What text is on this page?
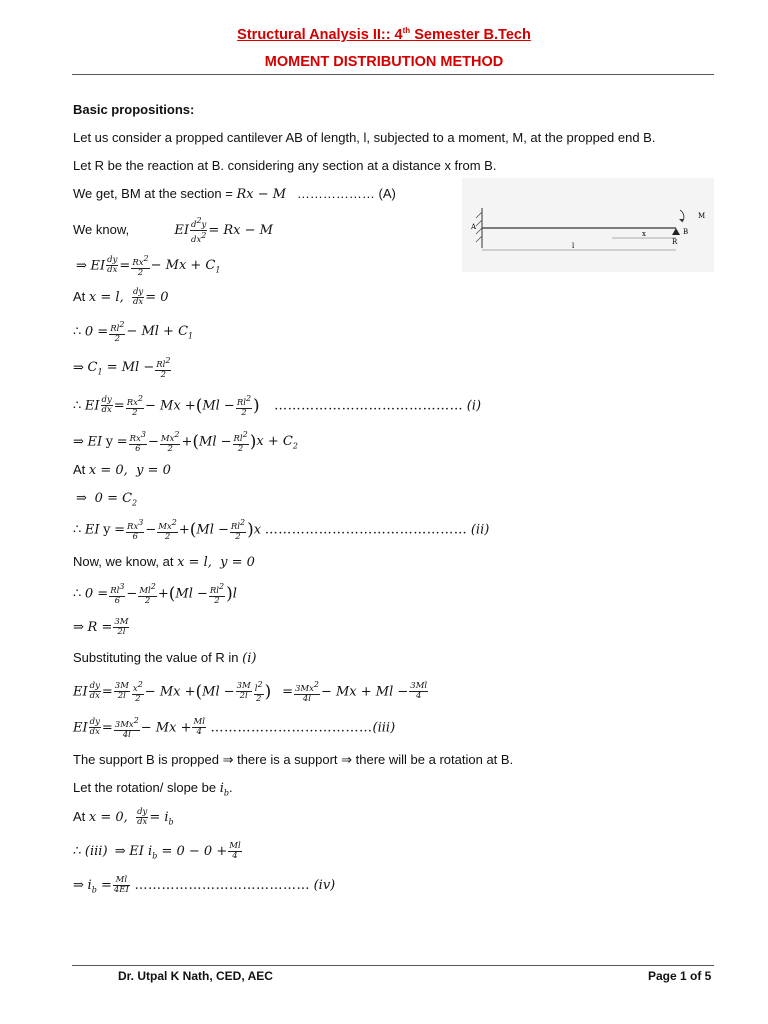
Structural Analysis II:: 4th Semester B.Tech
MOMENT DISTRIBUTION METHOD
Basic propositions:
Let us consider a propped cantilever AB of length, l, subjected to a moment, M, at the propped end B.
Let R be the reaction at B. considering any section at a distance x from B.
We get, BM at the section = Rx − M ……………… (A)
We know,	EI $\frac{d^2y}{dx^2} = Rx - M$
⇒ EI $\frac{dy}{dx} = \frac{Rx^2}{2} - Mx + C_1$
At x = l, $\frac{dy}{dx} = 0$
∴ $0 = \frac{Rl^2}{2} - Ml + C_1$
⇒ $C_1 = Ml - \frac{Rl^2}{2}$
∴ EI $\frac{dy}{dx} = \frac{Rx^2}{2} - Mx +(Ml - \frac{Rl^2}{2}$ ) …………………………………… (i)
⇒ EI $y = \frac{Rx^3}{6} - \frac{Mx^2}{2} +(Ml - \frac{Rl^2}{2} )x + C_2$
At x = 0,  y = 0
⇒  $0 = C_2$
∴ EI $y = \frac{Rx^3}{6} - \frac{Mx^2}{2} +(Ml - \frac{Rl^2}{2} )x$ ……………………………………… (ii)
Now, we know, at x = l,  y = 0
∴ $0 = \frac{Rl^3}{6} - \frac{Ml^2}{2} +(Ml - \frac{Rl^2}{2} )l$
⇒ $R = \frac{3M}{2l}$
Substituting the value of R in (i)
EI $\frac{dy}{dx} = \frac{3M}{2l} \frac{x^2}{2} - Mx +(Ml - \frac{3M}{2l} \frac{l^2}{2}$ ) = $\frac{3Mx^2}{4l} - Mx + Ml - \frac{3Ml}{4}$
EI $\frac{dy}{dx} = \frac{3Mx^2}{4l} - Mx + \frac{Ml}{4}$ ………………………………(iii)
The support B is propped ⇒ there is a support ⇒ there will be a rotation at B.
Let the rotation/ slope be $i_b$.
At x = 0, $\frac{dy}{dx} = i_b$
∴ (iii) ⇒ EI $i_b = 0 - 0 + \frac{Ml}{4}$
⇒ $i_b = \frac{Ml}{4EI}$ ………………………………… (iv)
A
B
M
R
x
l
Dr. Utpal K Nath, CED, AEC	Page 1 of 5
